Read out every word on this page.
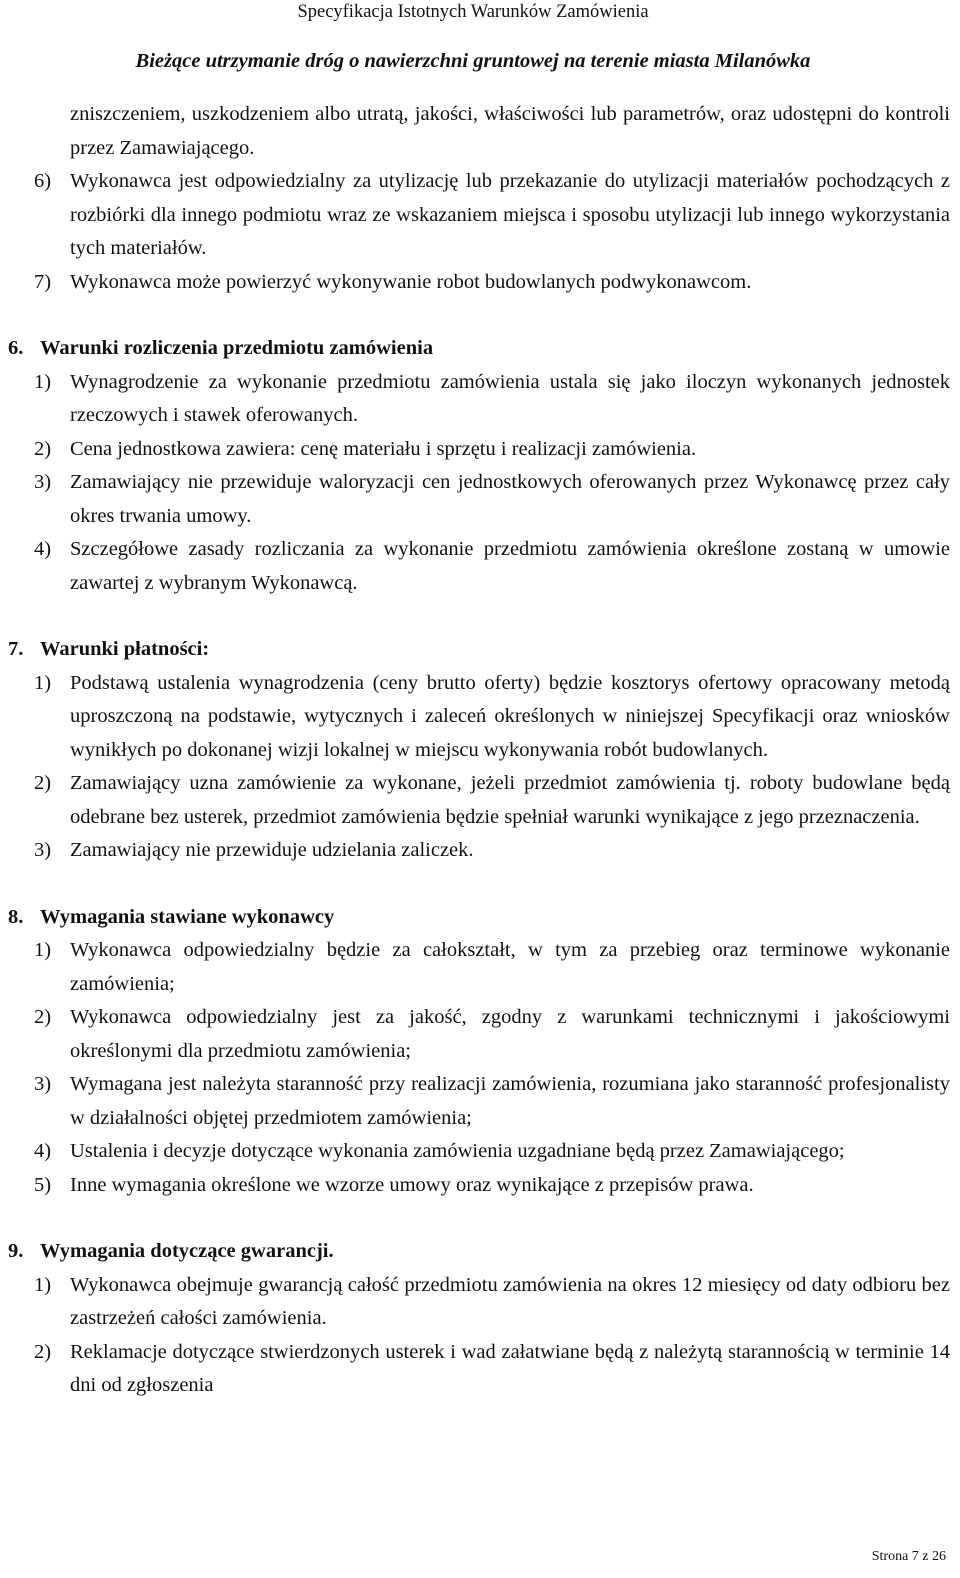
Specyfikacja Istotnych Warunków Zamówienia
Bieżące utrzymanie dróg o nawierzchni gruntowej na terenie miasta Milanówka
zniszczeniem, uszkodzeniem albo utratą, jakości, właściwości lub parametrów, oraz udostępni do kontroli przez Zamawiającego.
6) Wykonawca jest odpowiedzialny za utylizację lub przekazanie do utylizacji materiałów pochodzących z rozbiórki dla innego podmiotu wraz ze wskazaniem miejsca i sposobu utylizacji lub innego wykorzystania tych materiałów.
7) Wykonawca może powierzyć wykonywanie robot budowlanych podwykonawcom.
6. Warunki rozliczenia przedmiotu zamówienia
1) Wynagrodzenie za wykonanie przedmiotu zamówienia ustala się jako iloczyn wykonanych jednostek rzeczowych i stawek oferowanych.
2) Cena jednostkowa zawiera: cenę materiału i sprzętu i realizacji zamówienia.
3) Zamawiający nie przewiduje waloryzacji cen jednostkowych oferowanych przez Wykonawcę przez cały okres trwania umowy.
4) Szczegółowe zasady rozliczania za wykonanie przedmiotu zamówienia określone zostaną w umowie zawartej z wybranym Wykonawcą.
7. Warunki płatności:
1) Podstawą ustalenia wynagrodzenia (ceny brutto oferty) będzie kosztorys ofertowy opracowany metodą uproszczoną na podstawie, wytycznych i zaleceń określonych w niniejszej Specyfikacji oraz wniosków wynikłych po dokonanej wizji lokalnej w miejscu wykonywania robót budowlanych.
2) Zamawiający uzna zamówienie za wykonane, jeżeli przedmiot zamówienia tj. roboty budowlane będą odebrane bez usterek, przedmiot zamówienia będzie spełniał warunki wynikające z jego przeznaczenia.
3) Zamawiający nie przewiduje udzielania zaliczek.
8. Wymagania stawiane wykonawcy
1) Wykonawca odpowiedzialny będzie za całokształt, w tym za przebieg oraz terminowe wykonanie zamówienia;
2) Wykonawca odpowiedzialny jest za jakość, zgodny z warunkami technicznymi i jakościowymi określonymi dla przedmiotu zamówienia;
3) Wymagana jest należyta staranność przy realizacji zamówienia, rozumiana jako staranność profesjonalisty w działalności objętej przedmiotem zamówienia;
4) Ustalenia i decyzje dotyczące wykonania zamówienia uzgadniane będą przez Zamawiającego;
5) Inne wymagania określone we wzorze umowy oraz wynikające z przepisów prawa.
9. Wymagania dotyczące gwarancji.
1) Wykonawca obejmuje gwarancją całość przedmiotu zamówienia na okres 12 miesięcy od daty odbioru bez zastrzeżeń całości zamówienia.
2) Reklamacje dotyczące stwierdzonych usterek i wad załatwiane będą z należytą starannością w terminie 14 dni od zgłoszenia
Strona 7 z 26
